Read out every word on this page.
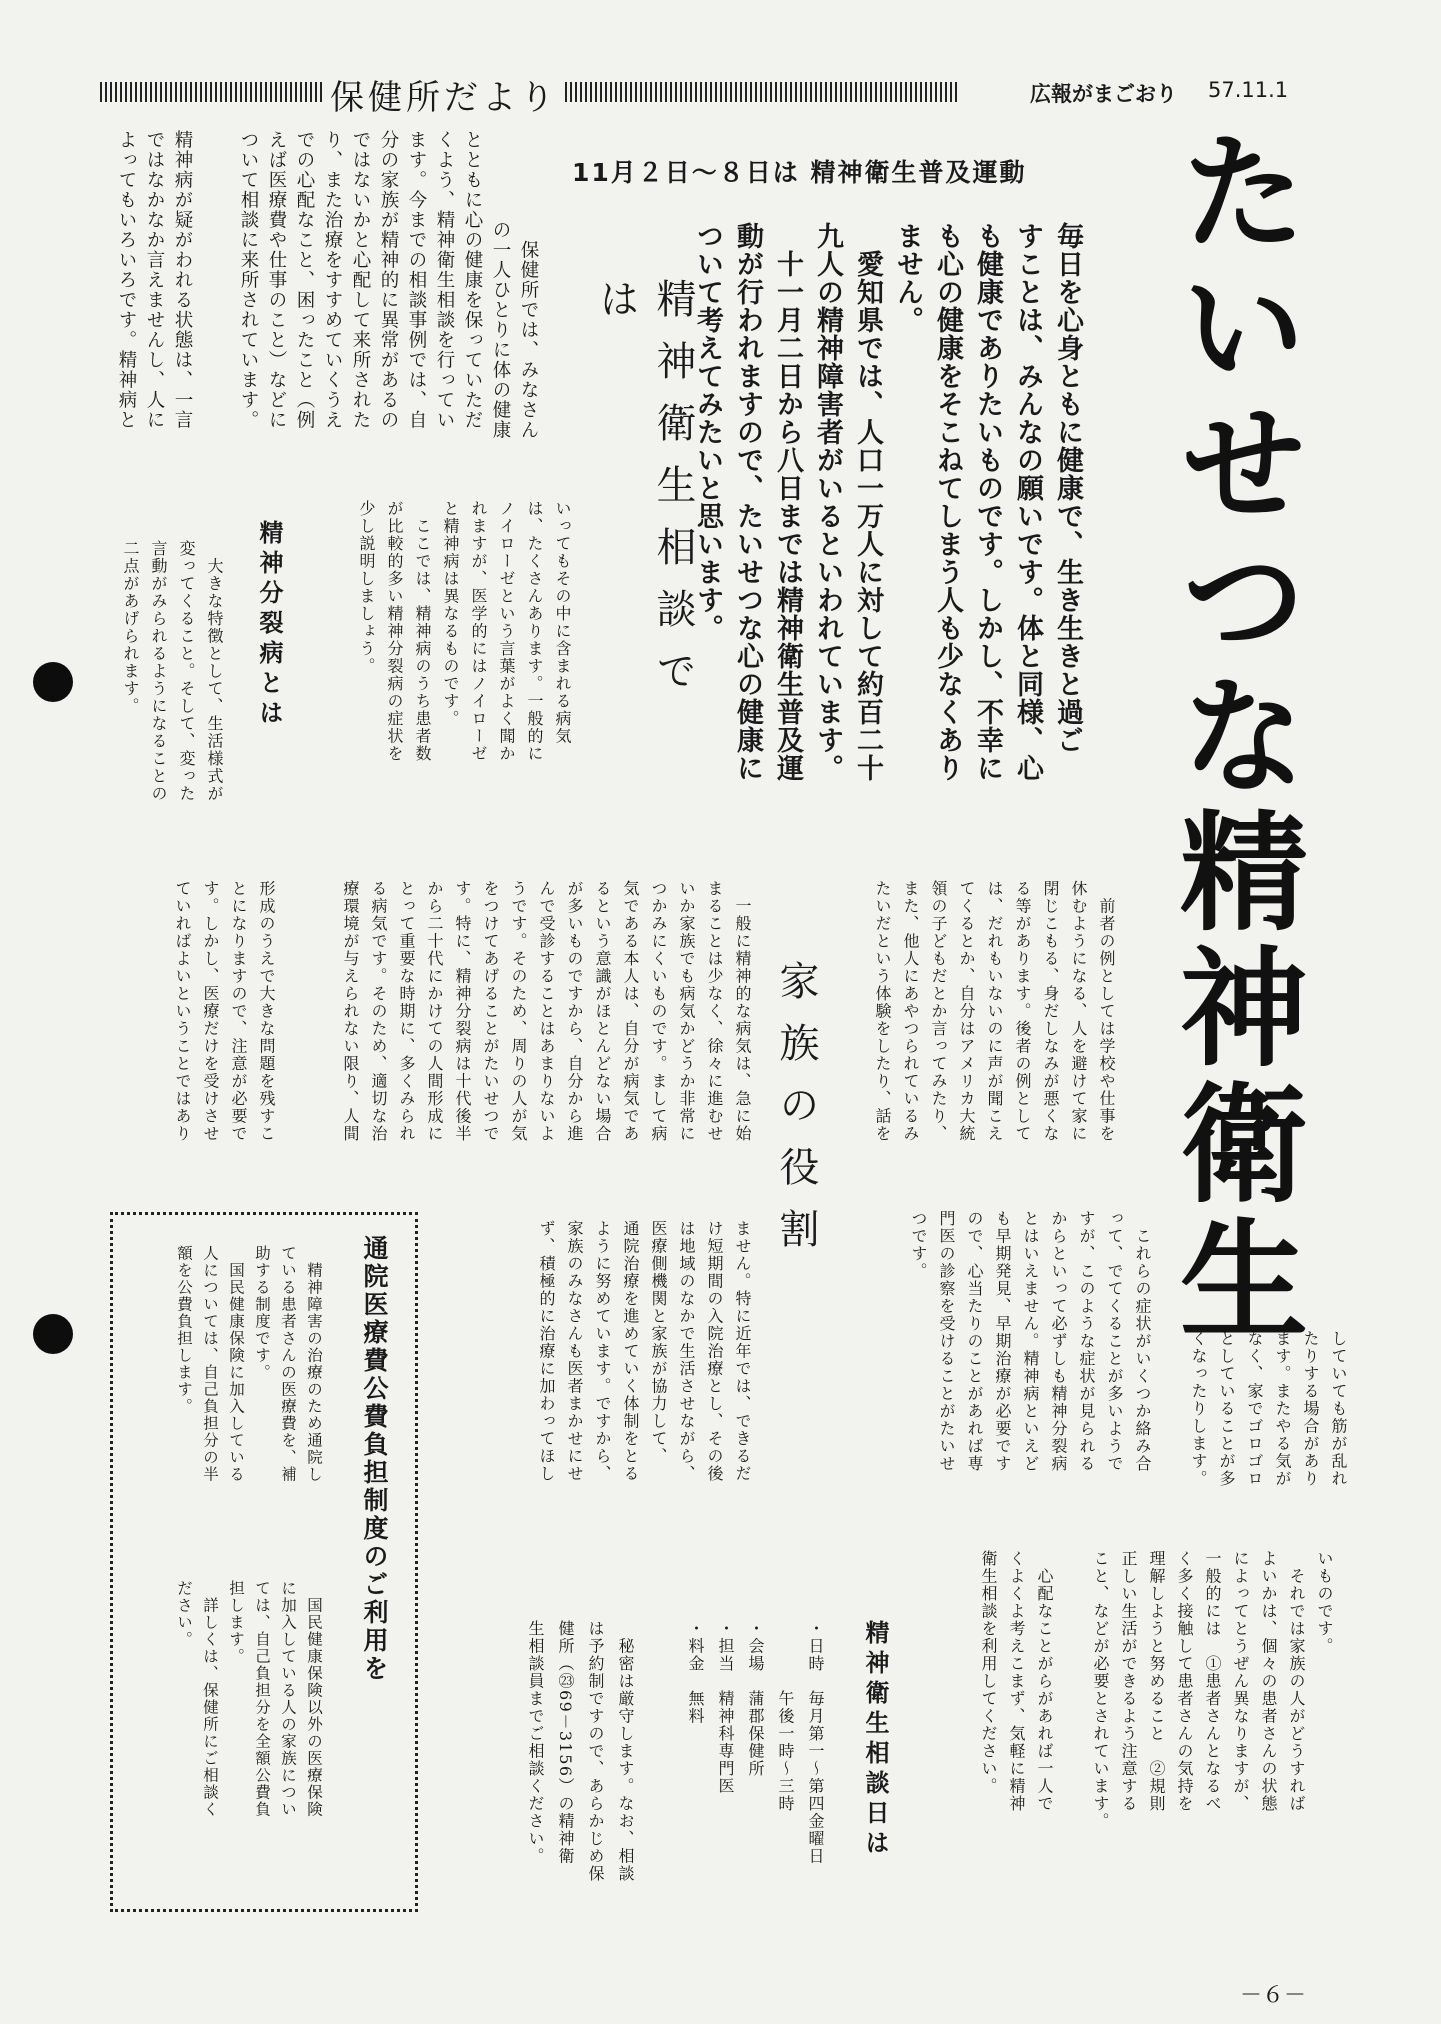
保健所だより	広報がまごおり 57.11.1
たいせつな精神衛生
11月２日～８日は 精神衛生普及運動
毎日を心身ともに健康で、生き生きと過ご
すことは、みんなの願いです。体と同様、心
も健康でありたいものです。しかし、不幸に
も心の健康をそこねてしまう人も少なくあり
ません。
　愛知県では、人口一万人に対して約百二十
九人の精神障害者がいるといわれています。
　十一月二日から八日までは精神衛生普及運
動が行われますので、たいせつな心の健康に
ついて考えてみたいと思います。
精神衛生相談では
　保健所では、みなさん
の一人ひとりに体の健康
とともに心の健康を保っていただ
くよう、精神衛生相談を行ってい
ます。今までの相談事例では、自
分の家族が精神的に異常があるの
ではないかと心配して来所された
り、また治療をすすめていくうえ
での心配なこと、困ったこと（例
えば医療費や仕事のこと）などに
ついて相談に来所されています。
精神病が疑がわれる状態は、一言
ではなかなか言えませんし、人に
よってもいろいろです。精神病と
いってもその中に含まれる病気
は、たくさんあります。一般的に
ノイローゼという言葉がよく聞か
れますが、医学的にはノイローゼ
と精神病は異なるものです。
　ここでは、精神病のうち患者数
が比較的多い精神分裂病の症状を
少し説明しましょう。
精神分裂病とは
　大きな特徴として、生活様式が
変ってくること。そして、変った
言動がみられるようになることの
二点があげられます。
　前者の例としては学校や仕事を
休むようになる、人を避けて家に
閉じこもる、身だしなみが悪くな
る等があります。後者の例として
は、だれもいないのに声が聞こえ
てくるとか、自分はアメリカ大統
領の子どもだとか言ってみたり、
また、他人にあやつられているみ
たいだという体験をしたり、話を
家族の役割
　一般に精神的な病気は、急に始
まることは少なく、徐々に進むせ
いか家族でも病気かどうか非常に
つかみにくいものです。まして病
気である本人は、自分が病気であ
るという意識がほとんどない場合
が多いものですから、自分から進
んで受診することはあまりないよ
うです。そのため、周りの人が気
をつけてあげることがたいせつで
す。特に、精神分裂病は十代後半
から二十代にかけての人間形成に
とって重要な時期に、多くみられ
る病気です。そのため、適切な治
療環境が与えられない限り、人間
形成のうえで大きな問題を残すこ
とになりますので、注意が必要で
す。しかし、医療だけを受けさせ
ていればよいということではあり
ません。特に近年では、できるだ
け短期間の入院治療とし、その後
は地域のなかで生活させながら、
医療側機関と家族が協力して、
通院治療を進めていく体制をとる
ように努めています。ですから、
家族のみなさんも医者まかせにせ
ず、積極的に治療に加わってほし	　これらの症状がいくつか絡み合
って、でてくることが多いようで
すが、このような症状が見られる
からといって必ずしも精神分裂病
とはいえません。精神病といえど
も早期発見、早期治療が必要です
ので、心当たりのことがあれば専
門医の診察を受けることがたいせ
つです。
していても筋が乱れ
たりする場合があり
ます。またやる気が
なく、家でゴロゴロ
としていることが多
くなったりします。
いものです。
　それでは家族の人がどうすれば
よいかは、個々の患者さんの状態
によってとうぜん異なりますが、
一般的には　①患者さんとなるべ
く多く接触して患者さんの気持を
理解しようと努めること　②規則
正しい生活ができるよう注意する
こと、などが必要とされています。
　心配なことがらがあれば一人で
くよくよ考えこまず、気軽に精神
衛生相談を利用してください。
精神衛生相談日は
・日時　毎月第一～第四金曜日
　　　　午後一時～三時
・会場　蒲郡保健所
・担当　精神科専門医
・料金　無料
　秘密は厳守します。なお、相談
は予約制ですので、あらかじめ保
健所（㉓69－3156）の精神衛
生相談員までご相談ください。
通院医療費公費負担制度のご利用を
　精神障害の治療のため通院し
ている患者さんの医療費を、補
助する制度です。
　国民健康保険に加入している
人については、自己負担分の半
額を公費負担します。
　国民健康保険以外の医療保険
に加入している人の家族につい
ては、自己負担分を全額公費負
担します。
　詳しくは、保健所にご相談く
ださい。
－６－
